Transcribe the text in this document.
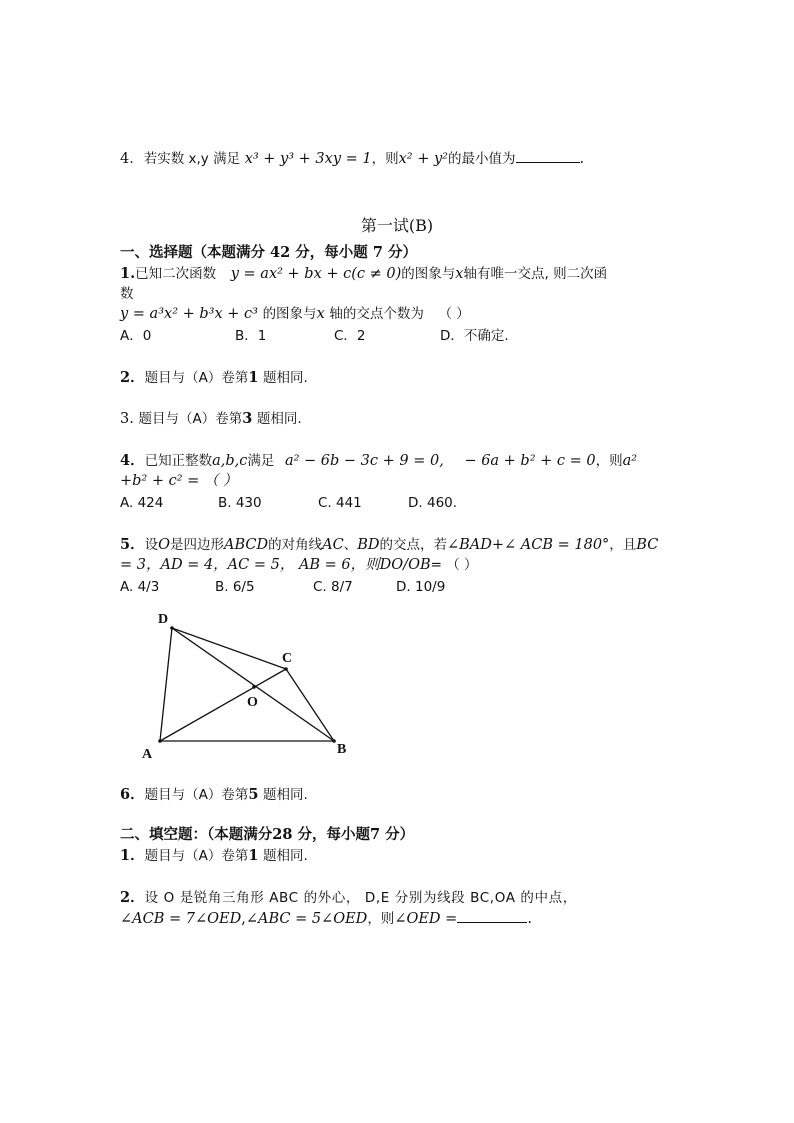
4．若实数 x,y 满足 x³ + y³ + 3xy = 1，则x² + y²的最小值为	.
第一试(B)
一、选择题（本题满分 42 分，每小题 7 分）
1.已知二次函数 y = ax² + bx + c(c ≠ 0)的图象与x轴有唯一交点, 则二次函
数
y = a³x² + b³x + c³ 的图象与x 轴的交点个数为 （ ）
A．0	B．1	C．2	D．不确定.
2．题目与（A）卷第1 题相同.
3. 题目与（A）卷第3 题相同.
4．已知正整数a,b,c满足 a² − 6b − 3c + 9 = 0, − 6a + b² + c = 0，则a²
+b² + c² = （ ）
A. 424	B. 430	C. 441	D. 460.
5．设O是四边形ABCD的对角线AC、BD的交点，若∠BAD+∠ ACB = 180°，且BC
= 3，AD = 4，AC = 5， AB = 6，则DO/OB= （ ）
A. 4/3	B. 6/5	C. 8/7	D. 10/9
D
C
O
A	B
6．题目与（A）卷第5 题相同.
二、填空题：（本题满分28 分，每小题7 分）
1．题目与（A）卷第1 题相同.
2．设 O 是锐角三角形 ABC 的外心， D,E 分别为线段 BC,OA 的中点，
∠ACB = 7∠OED,∠ABC = 5∠OED，则∠OED =	.
